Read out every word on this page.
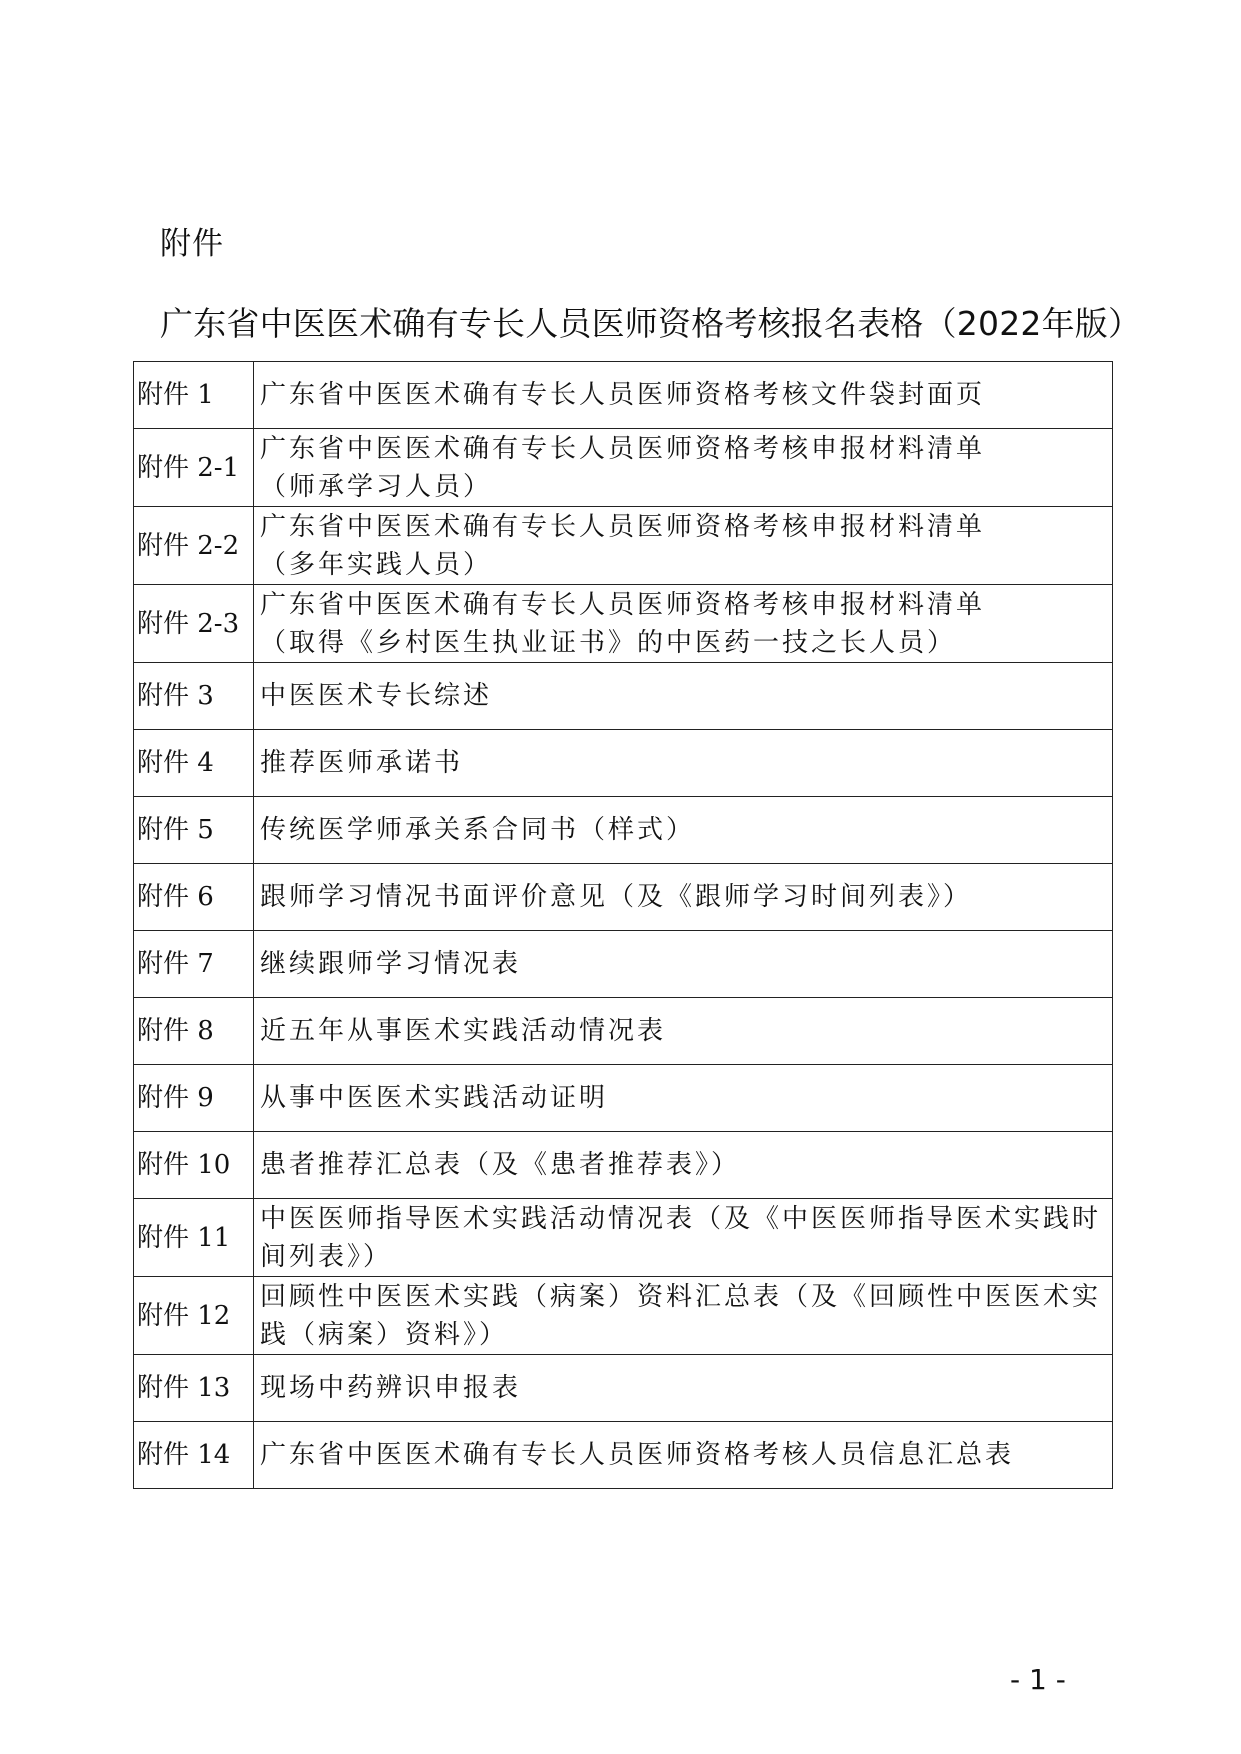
附件
广东省中医医术确有专长人员医师资格考核报名表格（2022年版）
附件 1	广东省中医医术确有专长人员医师资格考核文件袋封面页

附件 2-1	广东省中医医术确有专长人员医师资格考核申报材料清单
（师承学习人员）

附件 2-2	广东省中医医术确有专长人员医师资格考核申报材料清单
（多年实践人员）

附件 2-3	广东省中医医术确有专长人员医师资格考核申报材料清单
（取得《乡村医生执业证书》的中医药一技之长人员）

附件 3	中医医术专长综述

附件 4	推荐医师承诺书

附件 5	传统医学师承关系合同书（样式）

附件 6	跟师学习情况书面评价意见（及《跟师学习时间列表》）

附件 7	继续跟师学习情况表

附件 8	近五年从事医术实践活动情况表

附件 9	从事中医医术实践活动证明

附件 10	患者推荐汇总表（及《患者推荐表》）

附件 11	中医医师指导医术实践活动情况表（及《中医医师指导医术实践时
间列表》）

附件 12	回顾性中医医术实践（病案）资料汇总表（及《回顾性中医医术实
践（病案）资料》）

附件 13	现场中药辨识申报表

附件 14	广东省中医医术确有专长人员医师资格考核人员信息汇总表
- 1 -
